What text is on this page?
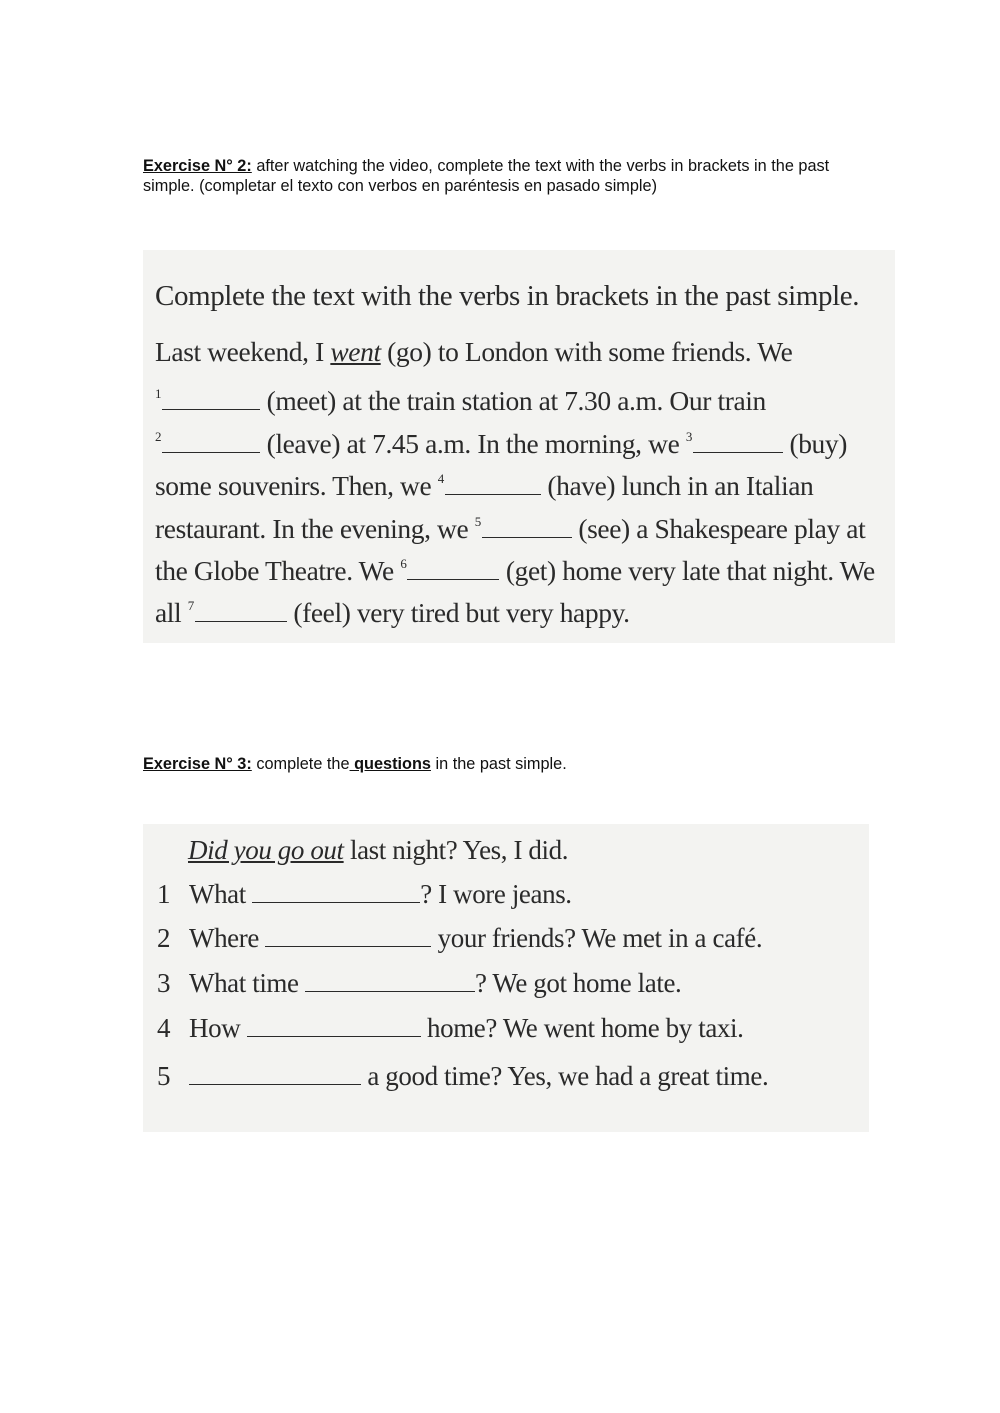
Exercise N° 2: after watching the video, complete the text with the verbs in brackets in the past simple. (completar el texto con verbos en paréntesis en pasado simple)
Complete the text with the verbs in brackets in the past simple.
Last weekend, I went (go) to London with some friends. We
$^1$	(meet) at the train station at 7.30 a.m. Our train
$^2$	(leave) at 7.45 a.m. In the morning, we $^3$	(buy)
some souvenirs. Then, we $^4$	(have) lunch in an Italian
restaurant. In the evening, we $^5$	(see) a Shakespeare play at
the Globe Theatre. We $^6$	(get) home very late that night. We
all $^7$	(feel) very tired but very happy.
Exercise N° 3: complete the questions in the past simple.
Did you go out last night? Yes, I did.
1 What	? I wore jeans.
2 Where	your friends? We met in a café.
3 What time	? We got home late.
4 How	home? We went home by taxi.
5	a good time? Yes, we had a great time.
